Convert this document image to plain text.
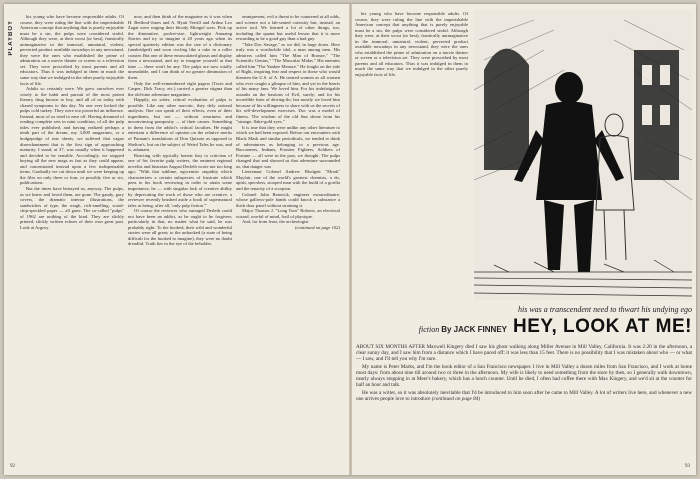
PLAYBOY

his young who have become responsible adults. Of course, they were ruling the line with the imperishable American concept that anything that is purely enjoyable must be a sin, the pulps were considered sinful. Although they were, at their worst (or best), frantically unimaginative in the immoral, unnatural, violent, perverted product available nowadays in any newsstand, they were the ones who established the prime of admiration on a movie theater or screen or a television set. They were proscribed by most parents and all educators. Thus it was indulged in them in much the same way that we indulged in the other purely enjoyable facts of life.

Adults so certainly were. We grew ourselves ever wisely to the habit and pursuit of the most potent literary drug known to boy, and all of us today with chased symptoms to this day. No one ever kicked the pulps cold turkey. They were too powerful an influence. Instead, most of us tried to ease off. Having dreamed of reading complete sets in mint condition, of all the pulp titles ever published, and having realized perhaps a tenth part of the dream, my 3,000 magazines, or a hodgepodge of tear sheets, we suffered that vague disenchantment that is the first sign of approaching maturity. I stand, at 37, was usually when it happened and decided to be sensible. Accordingly, we stopped buying all the new mags as fast as they could appear, and concentrated instead upon a few indispensable items. Gradually we cut down until we were keeping up the files on only three or four, or possibly five or six, publications.

But the times have betrayed us, anyway. The pulps, as we knew and loved them, are gone. The gaudy, gory covers, the dramatic interior illustrations, the sandwiches of type, the rough, rich-smelling, wood-chip-speckled paper — all gone. The so-called "pulps" of 1962 are nothing of the kind. They are slickly printed, slickly written echoes of their own great past. Look at Argosy

now, and then think of the magazine as it was when H. Bedford-Jones and A. Hyatt Verrill and Arthur Leo Zagat were waging their bloody Mongol wars. Pick up the diminutive, pocket-size, lightweight Amazing Stories and try to imagine it 20 years ago when its special quarterly edition was the size of a dictionary (unabridged) and soon circling like a rake in a roller coaster. But one of these emasculated ghosts and display from a newsstand, and try to imagine yourself at that time — there won't be any. The pulps are now totally unreadable, and I can think of no greater diminution of them.

Only the well-remembered eight pagers (Toots and Casper, Dick Tracy, etc.) carried a greater stigma than the old-time adventure magazines.

Happily, no sober, critical evaluation of pulps is possible. Like any other narcotic, they defy rational analysis. One can speak of their effects, even of their ingredients, but not — without weariness and unconvincing pomposity — of their causes. Something in them from the addict's critical faculties. He might entertain a difference of opinion on the relative merits of Putnam's translations of Don Quixote as opposed to Shelton's, but on the subject of Weird Tales he was, and is, adamant.

Reacting with typically honest fury to criticism of one of his favorite pulp writers, the eminent regional novelist and historian August Derleth wrote not too long ago: "With that sublime, egocentric stupidity which characterizes a certain subspecies of frustrate which pens to his book reviewing in order to attain some importance, he — with singular lack of creative ability by deprecating the work of those who are creative, a reviewer recently brushed aside a book of supernatural tales as being, after all, 'only pulp fiction.'"

Of course the reviewer who outraged Derleth could not have been an addict, as he ought to be forgiven; particularly in that, no matter what he said, he was probably right. To the hooked, their wild and wonderful stories were all great; to the unhooked (a state of being difficult for the hooked to imagine), they were no doubt dreadful. Truth lies in the eye of the beholder.

omnipresent, evil a threat to be countered at all odds, and science not a lab-seated curiosity but, instead, an active tool. We learned a lot of other things, too, including the quaint but useful lesson that it is more rewarding to be a good guy than a bad guy.

"Take Doc Savage," as we did, in large doses. Here truly was a worthwhile idol, a man among men. His admirers called him "The Man of Bronze," "The Scientific Genius," "The Muscular Midas." His enemies called him "The Yankee Menace." He fought on the side of Right, inspiring fear and respect in those who would threaten the U.S. of A. He treated women as all women who ever caught a glimpse of him, and yet in the hearts of his many fans. We loved him. For his indefatigable assaults on the bastions of Evil, surely; and for his incredible feats of derring-do; but mostly we loved him because of his willingness to share with us the secrets of his self-development exercises. Doc was a model of fitness. The wisdom of the old Sun shone from his "strange, flake-gold eyes."

It is true that they were unlike any other literature to which we had been exposed. Before our encounters with Black Mask and similar periodicals, we tended to think of adventurers as belonging to a previous age. Buccaneers, Indians, Frontier Fighters, Soldiers of Fortune — all were in the past, we thought. The pulps changed that and showed us that adventure surrounded us, that danger was

Lieutenant Colonel Andrew Blodgett "Monk" Mayfair, one of the world's greatest chemists, a do, apish, specsless, stooped man with the build of a gorilla and the tenacity of a scorpion.

Colonel John Renwick, engineer extraordinaire, whose gallows-pole hands could knock a substance a thick door panel without straining it.

Major Thomas J. "Long Tom" Roberts, an electrical wizard, woeful of mind, frail of physique.

And, far from least, the archeologist

(continued on page 102)

92

his young who have become responsible adults. Of course, they were ruling the line with the imperishable American concept that anything that is purely enjoyable must be a sin, the pulps were considered sinful. Although they were, at their worst (or best), frantically unimaginative in the immoral, unnatural, violent, perverted product available nowadays in any newsstand, they were the ones who established the prime of admiration on a movie theater or screen or a television set. They were proscribed by most parents and all educators. Thus it was indulged in them in much the same way that we indulged in the other purely enjoyable facts of life.

his was a transcendent need to thwart his undying ego
fiction By JACK FINNEY HEY, LOOK AT ME!

ABOUT SIX MONTHS AFTER Maxwell Kingery died I saw his ghost walking along Miller Avenue in Mill Valley, California. It was 2:20 in the afternoon, a clear sunny day, and I saw him from a distance which I have paced off: it was less than 15 feet. There is no possibility that I was mistaken about who — or what — I saw, and I'll tell you why I'm sure.

My name is Peter Marks, and I'm the book editor of a San Francisco newspaper. I live in Mill Valley a dozen miles from San Francisco, and I work at home most days: from about nine till around two or three in the afternoon. My wife is likely to need something from the store by then, so I generally walk downtown, nearly always stopping in at Meer's bakery, which has a lunch counter. Until he died, I often had coffee there with Max Kingery, and we'd sit at the counter for half an hour and talk.

He was a writer, so it was absolutely inevitable that I'd be introduced to him soon after he came to Mill Valley. A lot of writers live here, and whenever a new one arrives people love to introduce (continued on page 84)

93
